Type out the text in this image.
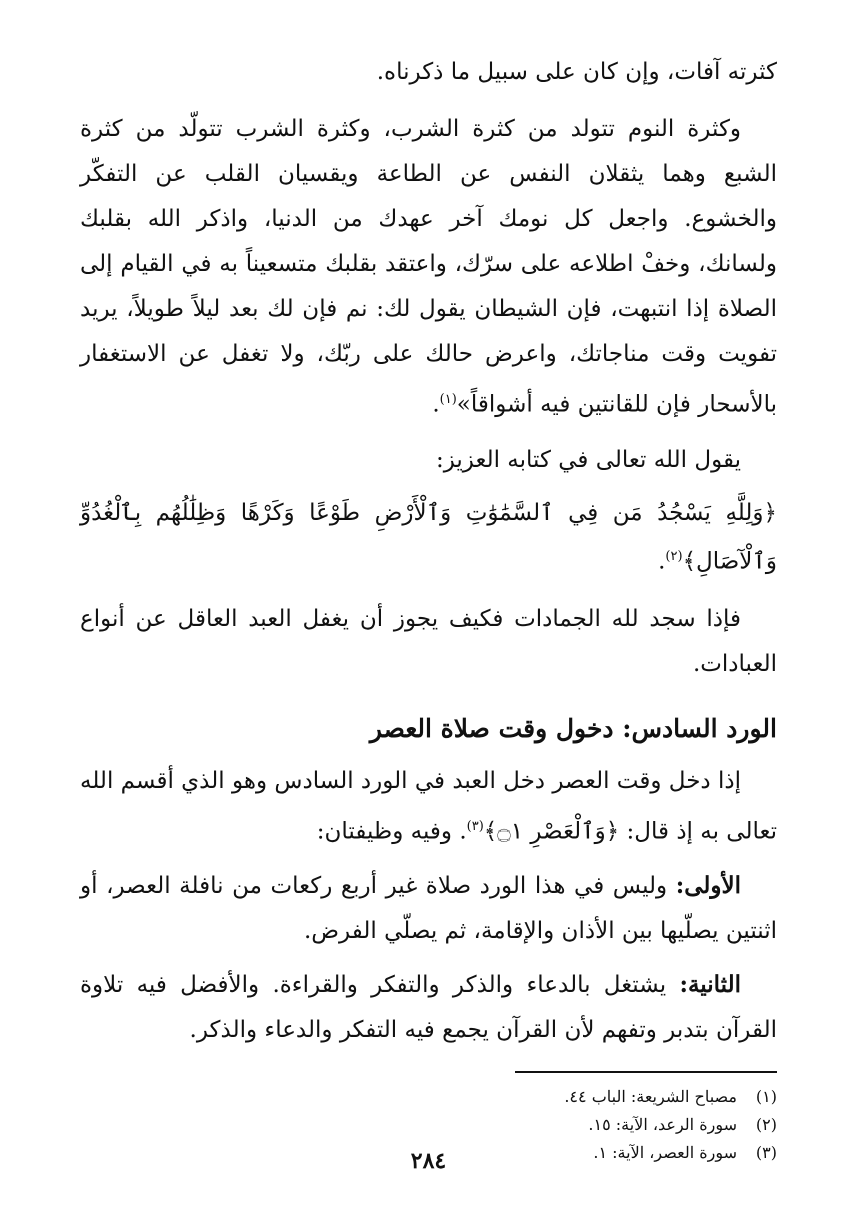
كثرته آفات، وإن كان على سبيل ما ذكرناه.

وكثرة النوم تتولد من كثرة الشرب، وكثرة الشرب تتولّد من كثرة الشبع وهما يثقلان النفس عن الطاعة ويقسيان القلب عن التفكّر والخشوع. واجعل كل نومك آخر عهدك من الدنيا، واذكر الله بقلبك ولسانك، وخفْ اطلاعه على سرّك، واعتقد بقلبك متسعيناً به في القيام إلى الصلاة إذا انتبهت، فإن الشيطان يقول لك: نم فإن لك بعد ليلاً طويلاً، يريد تفويت وقت مناجاتك، واعرض حالك على ربّك، ولا تغفل عن الاستغفار بالأسحار فإن للقانتين فيه أشواقاً»$^{(١)}$.

يقول الله تعالى في كتابه العزيز:

﴿وَلِلَّهِ يَسْجُدُ مَن فِي ٱلسَّمَٰوَٰتِ وَٱلْأَرْضِ طَوْعًا وَكَرْهًا وَظِلَٰلُهُم بِٱلْغُدُوِّ وَٱلْآصَالِ﴾$^{(٢)}$.

فإذا سجد لله الجمادات فكيف يجوز أن يغفل العبد العاقل عن أنواع العبادات.

الورد السادس: دخول وقت صلاة العصر

إذا دخل وقت العصر دخل العبد في الورد السادس وهو الذي أقسم الله تعالى به إذ قال: ﴿وَٱلْعَصْرِ ۝١﴾$^{(٣)}$. وفيه وظيفتان:

الأولى: وليس في هذا الورد صلاة غير أربع ركعات من نافلة العصر، أو اثنتين يصلّيها بين الأذان والإقامة، ثم يصلّي الفرض.

الثانية: يشتغل بالدعاء والذكر والتفكر والقراءة. والأفضل فيه تلاوة القرآن بتدبر وتفهم لأن القرآن يجمع فيه التفكر والدعاء والذكر.

(١)
مصباح الشريعة: الباب ٤٤.
(٢)
سورة الرعد، الآية: ١٥.
(٣)
سورة العصر، الآية: ١.
٢٨٤
